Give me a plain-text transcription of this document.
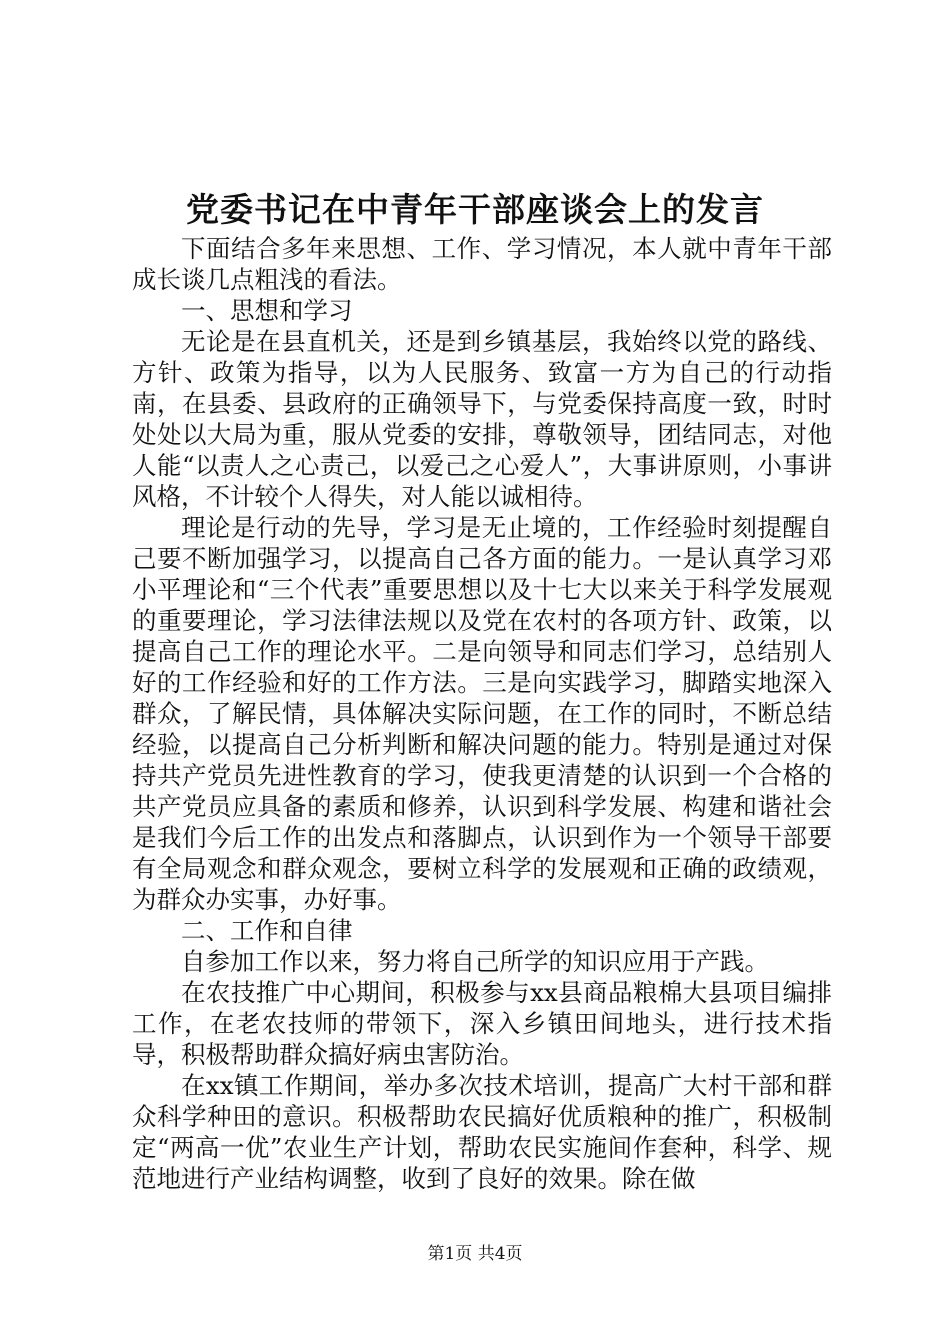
党委书记在中青年干部座谈会上的发言

下面结合多年来思想、工作、学习情况，本人就中青年干部成长谈几点粗浅的看法。

一、思想和学习

无论是在县直机关，还是到乡镇基层，我始终以党的路线、方针、政策为指导，以为人民服务、致富一方为自己的行动指南，在县委、县政府的正确领导下，与党委保持高度一致，时时处处以大局为重，服从党委的安排，尊敬领导，团结同志，对他人能“以责人之心责己，以爱己之心爱人”，大事讲原则，小事讲风格，不计较个人得失，对人能以诚相待。

理论是行动的先导，学习是无止境的，工作经验时刻提醒自己要不断加强学习，以提高自己各方面的能力。一是认真学习邓小平理论和“三个代表”重要思想以及十七大以来关于科学发展观的重要理论，学习法律法规以及党在农村的各项方针、政策，以提高自己工作的理论水平。二是向领导和同志们学习，总结别人好的工作经验和好的工作方法。三是向实践学习，脚踏实地深入群众，了解民情，具体解决实际问题，在工作的同时，不断总结经验，以提高自己分析判断和解决问题的能力。特别是通过对保持共产党员先进性教育的学习，使我更清楚的认识到一个合格的共产党员应具备的素质和修养，认识到科学发展、构建和谐社会是我们今后工作的出发点和落脚点，认识到作为一个领导干部要有全局观念和群众观念，要树立科学的发展观和正确的政绩观，为群众办实事，办好事。

二、工作和自律

自参加工作以来，努力将自己所学的知识应用于产践。

在农技推广中心期间，积极参与xx县商品粮棉大县项目编排工作，在老农技师的带领下，深入乡镇田间地头，进行技术指导，积极帮助群众搞好病虫害防治。

在xx镇工作期间，举办多次技术培训，提高广大村干部和群众科学种田的意识。积极帮助农民搞好优质粮种的推广，积极制定“两高一优”农业生产计划，帮助农民实施间作套种，科学、规范地进行产业结构调整，收到了良好的效果。除在做

第1页 共4页
